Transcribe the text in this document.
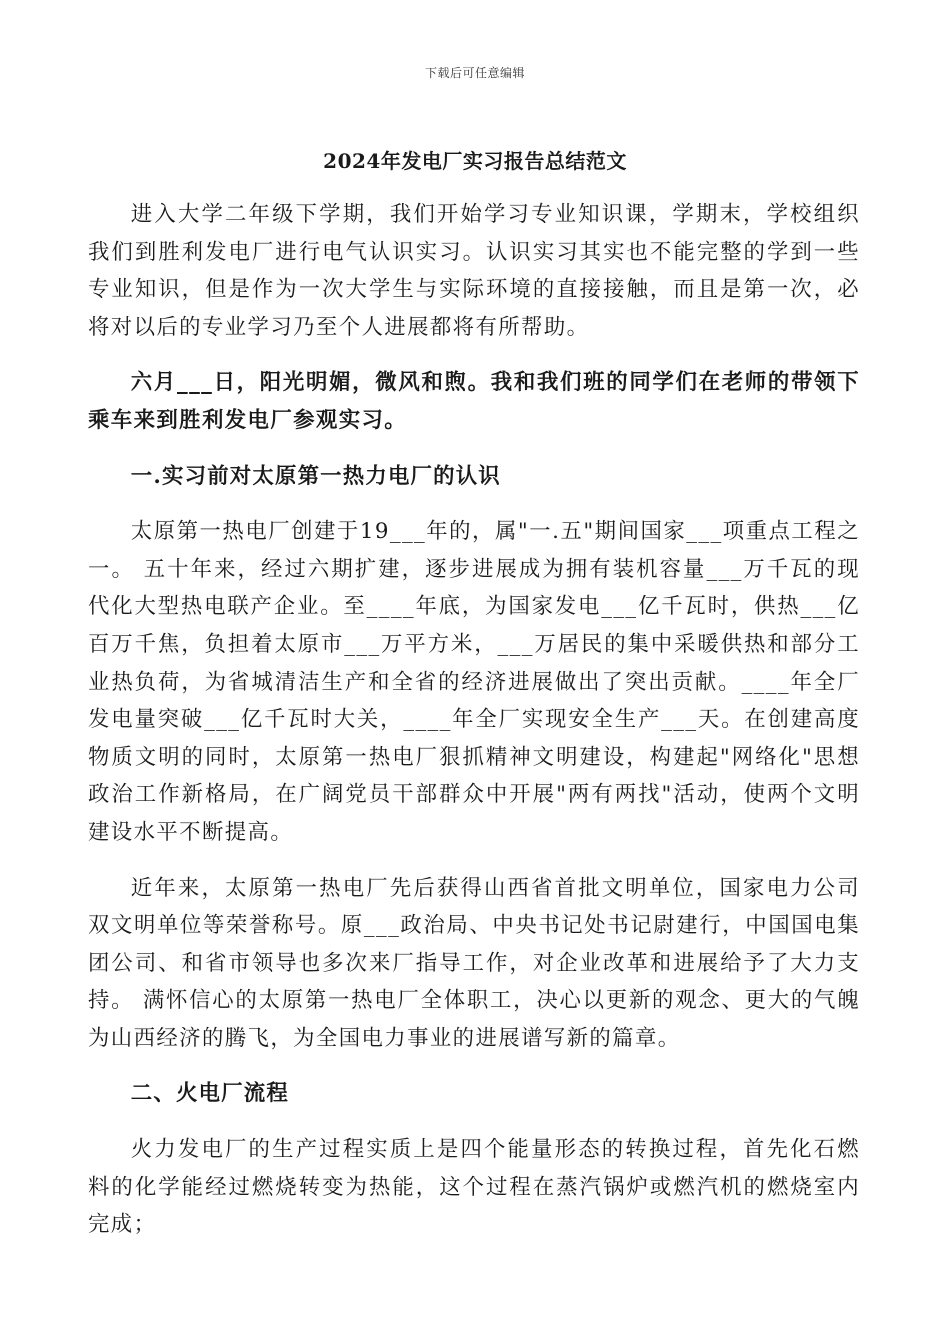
下载后可任意编辑
2024年发电厂实习报告总结范文

进入大学二年级下学期，我们开始学习专业知识课，学期末，学校组织我们到胜利发电厂进行电气认识实习。认识实习其实也不能完整的学到一些专业知识，但是作为一次大学生与实际环境的直接接触，而且是第一次，必将对以后的专业学习乃至个人进展都将有所帮助。

六月___日，阳光明媚，微风和煦。我和我们班的同学们在老师的带领下乘车来到胜利发电厂参观实习。

一.实习前对太原第一热力电厂的认识

太原第一热电厂创建于19___年的，属"一.五"期间国家___项重点工程之一。 五十年来，经过六期扩建，逐步进展成为拥有装机容量___万千瓦的现代化大型热电联产企业。至____年底，为国家发电___亿千瓦时，供热___亿百万千焦，负担着太原市___万平方米，___万居民的集中采暖供热和部分工业热负荷，为省城清洁生产和全省的经济进展做出了突出贡献。____年全厂发电量突破___亿千瓦时大关，____年全厂实现安全生产___天。在创建高度物质文明的同时，太原第一热电厂狠抓精神文明建设，构建起"网络化"思想政治工作新格局，在广阔党员干部群众中开展"两有两找"活动，使两个文明建设水平不断提高。

近年来，太原第一热电厂先后获得山西省首批文明单位，国家电力公司双文明单位等荣誉称号。原___政治局、中央书记处书记尉建行，中国国电集团公司、和省市领导也多次来厂指导工作，对企业改革和进展给予了大力支持。 满怀信心的太原第一热电厂全体职工，决心以更新的观念、更大的气魄为山西经济的腾飞，为全国电力事业的进展谱写新的篇章。

二、火电厂流程

火力发电厂的生产过程实质上是四个能量形态的转换过程，首先化石燃料的化学能经过燃烧转变为热能，这个过程在蒸汽锅炉或燃汽机的燃烧室内完成；
